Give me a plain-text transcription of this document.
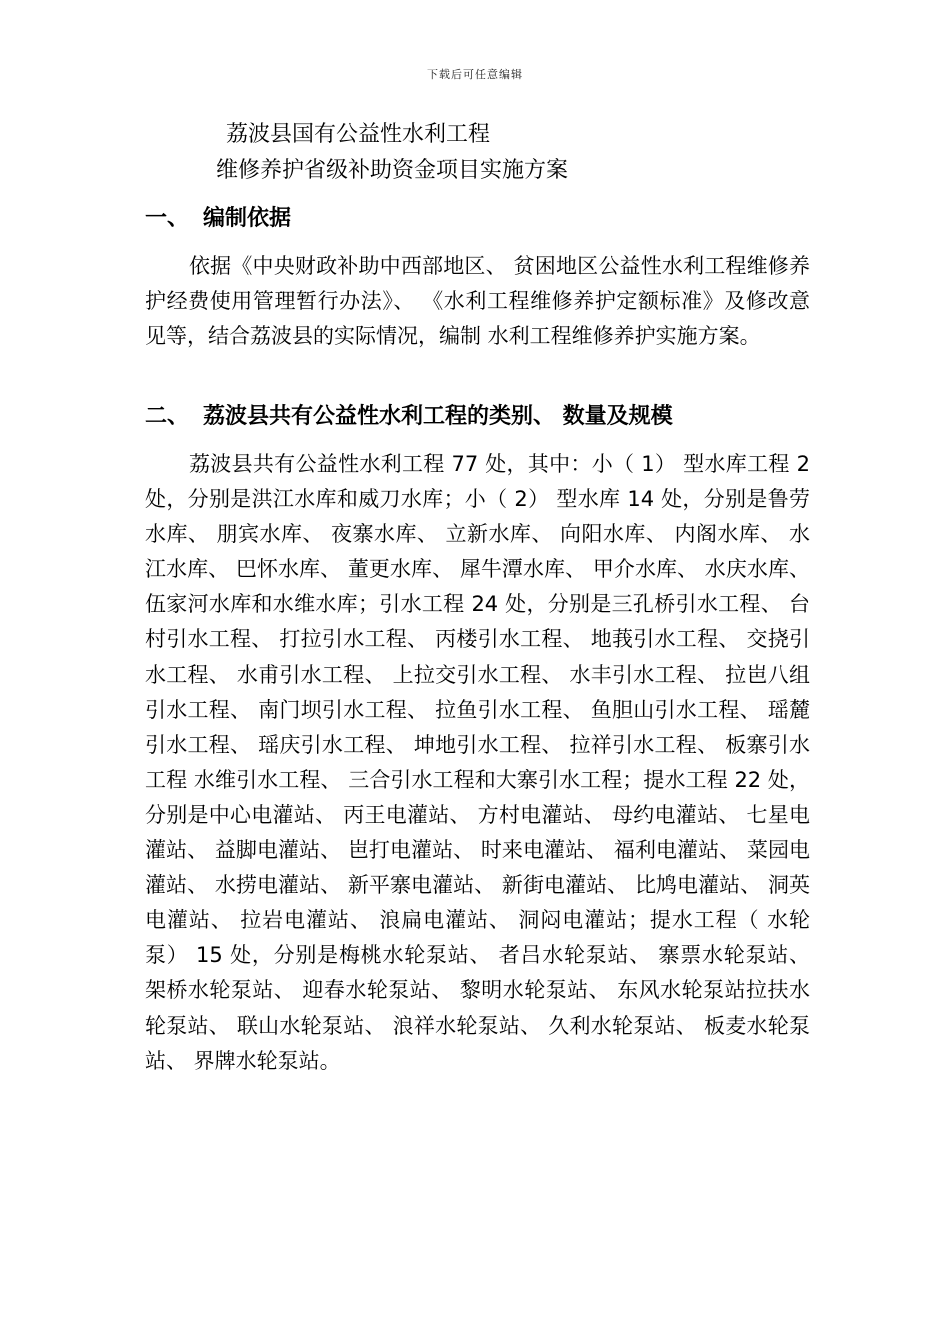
下载后可任意编辑
荔波县国有公益性水利工程
维修养护省级补助资金项目实施方案
一、 编制依据

依据《中央财政补助中西部地区、 贫困地区公益性水利工程维修养护经费使用管理暂行办法》、 《水利工程维修养护定额标准》及修改意见等，结合荔波县的实际情况，编制 水利工程维修养护实施方案。

二、 荔波县共有公益性水利工程的类别、 数量及规模

荔波县共有公益性水利工程 77 处，其中：小（ 1） 型水库工程 2 处，分别是洪江水库和威刀水库；小（ 2） 型水库 14 处，分别是鲁劳水库、 朋宾水库、 夜寨水库、 立新水库、 向阳水库、 内阁水库、 水江水库、 巴怀水库、 董更水库、 犀牛潭水库、 甲介水库、 水庆水库、 伍家河水库和水维水库；引水工程 24 处，分别是三孔桥引水工程、 台村引水工程、 打拉引水工程、 丙楼引水工程、 地莪引水工程、 交挠引水工程、 水甫引水工程、 上拉交引水工程、 水丰引水工程、 拉岜八组引水工程、 南门坝引水工程、 拉鱼引水工程、 鱼胆山引水工程、 瑶麓引水工程、 瑶庆引水工程、 坤地引水工程、 拉祥引水工程、 板寨引水工程 水维引水工程、 三合引水工程和大寨引水工程；提水工程 22 处，分别是中心电灌站、 丙王电灌站、 方村电灌站、 母约电灌站、 七星电灌站、 益脚电灌站、 岜打电灌站、 时来电灌站、 福利电灌站、 菜园电灌站、 水捞电灌站、 新平寨电灌站、 新街电灌站、 比鸠电灌站、 洞英电灌站、 拉岩电灌站、 浪扁电灌站、 洞闷电灌站；提水工程（ 水轮泵） 15 处，分别是梅桃水轮泵站、 者吕水轮泵站、 寨票水轮泵站、 架桥水轮泵站、 迎春水轮泵站、 黎明水轮泵站、 东风水轮泵站拉扶水轮泵站、 联山水轮泵站、 浪祥水轮泵站、 久利水轮泵站、 板麦水轮泵站、 界牌水轮泵站。
